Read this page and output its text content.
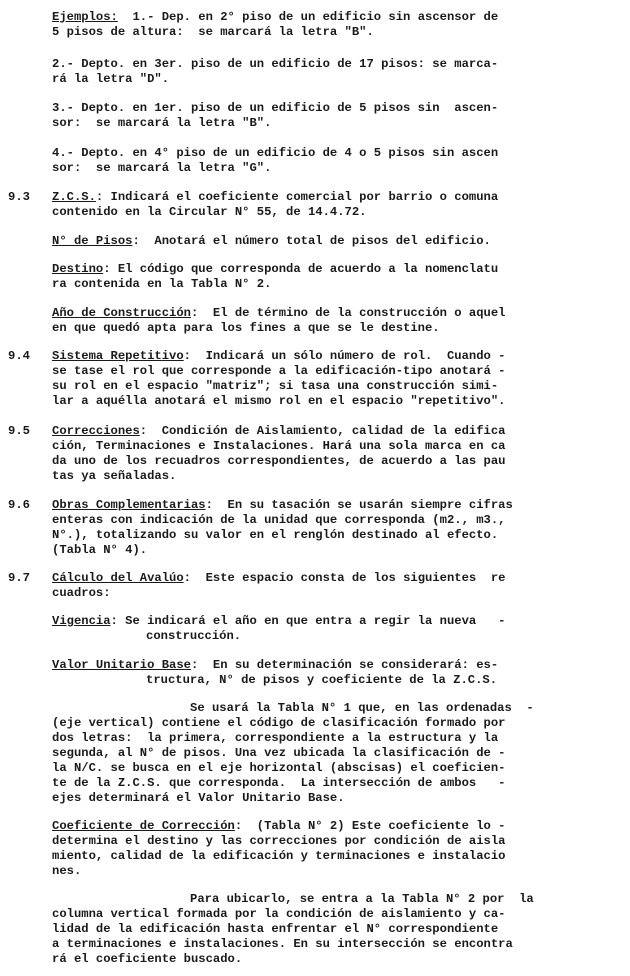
Ejemplos:  1.- Dep. en 2° piso de un edificio sin ascensor de
5 pisos de altura:  se marcará la letra "B".
2.- Depto. en 3er. piso de un edificio de 17 pisos: se marca-
rá la letra "D".
3.- Depto. en 1er. piso de un edificio de 5 pisos sin  ascen-
sor:  se marcará la letra "B".
4.- Depto. en 4° piso de un edificio de 4 o 5 pisos sin ascen
sor:  se marcará la letra "G".
9.3 Z.C.S.: Indicará el coeficiente comercial por barrio o comuna
contenido en la Circular N° 55, de 14.4.72.
N° de Pisos:  Anotará el número total de pisos del edificio.
Destino: El código que corresponda de acuerdo a la nomenclatu
ra contenida en la Tabla N° 2.
Año de Construcción:  El de término de la construcción o aquel
en que quedó apta para los fines a que se le destine.
9.4 Sistema Repetitivo:  Indicará un sólo número de rol.  Cuando -
se tase el rol que corresponde a la edificación-tipo anotará -
su rol en el espacio "matriz"; si tasa una construcción simi-
lar a aquélla anotará el mismo rol en el espacio "repetitivo".
9.5 Correcciones:  Condición de Aislamiento, calidad de la edifica
ción, Terminaciones e Instalaciones. Hará una sola marca en ca
da uno de los recuadros correspondientes, de acuerdo a las pau
tas ya señaladas.
9.6 Obras Complementarias:  En su tasación se usarán siempre cifras
enteras con indicación de la unidad que corresponda (m2., m3.,
N°.), totalizando su valor en el renglón destinado al efecto.
(Tabla N° 4).
9.7 Cálculo del Avalúo:  Este espacio consta de los siguientes  re
cuadros:
Vigencia: Se indicará el año en que entra a regir la nueva   -
construcción.
Valor Unitario Base:  En su determinación se considerará: es-
tructura, N° de pisos y coeficiente de la Z.C.S.
Se usará la Tabla N° 1 que, en las ordenadas  -
(eje vertical) contiene el código de clasificación formado por
dos letras:  la primera, correspondiente a la estructura y la
segunda, al N° de pisos. Una vez ubicada la clasificación de -
la N/C. se busca en el eje horizontal (abscisas) el coeficien-
te de la Z.C.S. que corresponda.  La intersección de ambos   -
ejes determinará el Valor Unitario Base.
Coeficiente de Corrección:  (Tabla N° 2) Este coeficiente lo -
determina el destino y las correcciones por condición de aisla
miento, calidad de la edificación y terminaciones e instalacio
nes.
Para ubicarlo, se entra a la Tabla N° 2 por  la
columna vertical formada por la condición de aislamiento y ca-
lidad de la edificación hasta enfrentar el N° correspondiente
a terminaciones e instalaciones. En su intersección se encontra
rá el coeficiente buscado.
